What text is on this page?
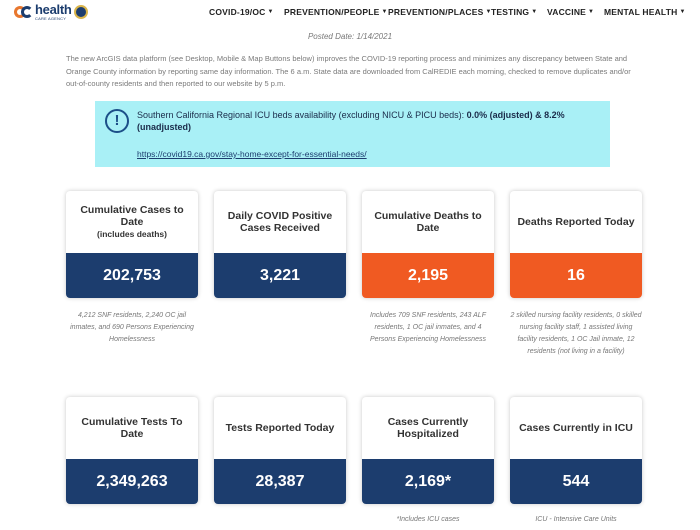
health
CARE AGENCY
COVID-19/OC ▼ PREVENTION/PEOPLE ▼ PREVENTION/PLACES ▼ TESTING ▼ VACCINE ▼ MENTAL HEALTH ▼
Posted Date: 1/14/2021

The new ArcGIS data platform (see Desktop, Mobile & Map Buttons below) improves the COVID-19 reporting process and minimizes any discrepancy between State and Orange County information by reporting same day information. The 6 a.m. State data are downloaded from CalREDIE each morning, checked to remove duplicates and/or out-of-county residents and then reported to our website by 5 p.m.

!	Southern California Regional ICU beds availability (excluding NICU & PICU beds): 0.0% (adjusted) & 8.2% (unadjusted)
https://covid19.ca.gov/stay-home-except-for-essential-needs/
Cumulative Cases to Date
(includes deaths)
202,753
Daily COVID Positive Cases Received
3,221
Cumulative Deaths to Date
2,195
Deaths Reported Today
16
4,212 SNF residents, 2,240 OC jail inmates, and 690 Persons Experiencing Homelessness
Includes 709 SNF residents, 243 ALF residents, 1 OC jail inmates, and 4 Persons Experiencing Homelessness
2 skilled nursing facility residents, 0 skilled nursing facility staff, 1 assisted living facility residents, 1 OC Jail inmate, 12 residents (not living in a facility)
Cumulative Tests To Date
2,349,263
Tests Reported Today
28,387
Cases Currently Hospitalized
2,169*
Cases Currently in ICU
544
*Includes ICU cases	ICU - Intensive Care Units
